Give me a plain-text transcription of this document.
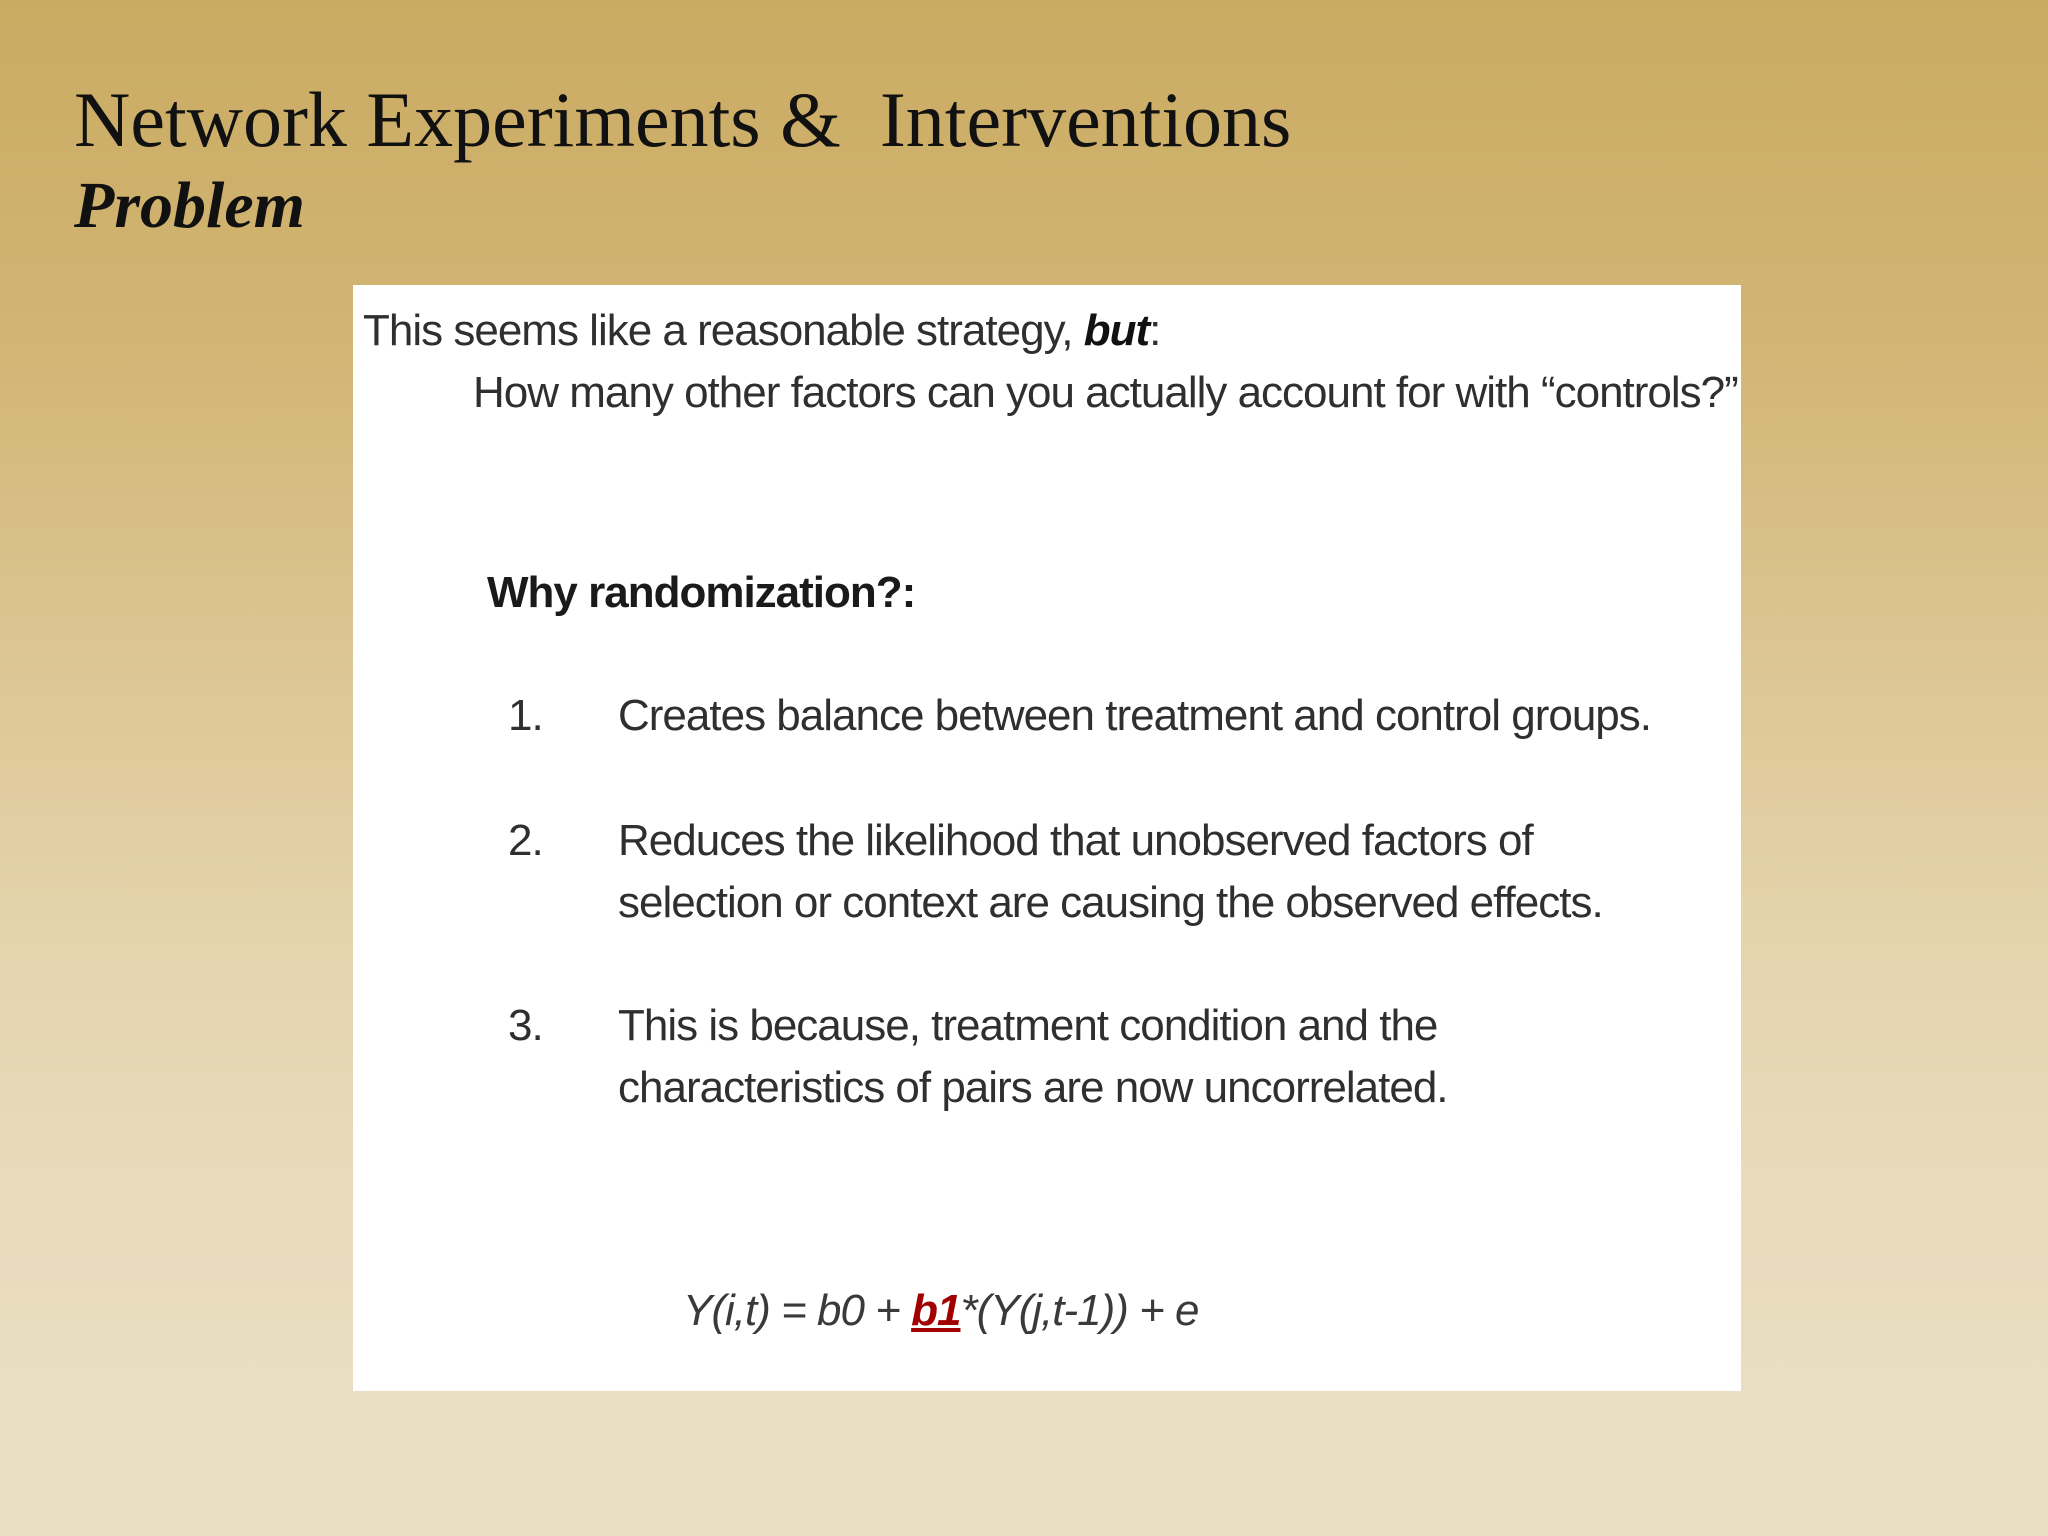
Network Experiments &  Interventions
Problem
This seems like a reasonable strategy, but:
How many other factors can you actually account for with “controls?”
Why randomization?:
1.	Creates balance between treatment and control groups.
2.	Reduces the likelihood that unobserved factors of selection or context are causing the observed effects.
3.	This is because, treatment condition and the characteristics of pairs are now uncorrelated.
Y(i,t) = b0 + b1*(Y(j,t-1)) + e
